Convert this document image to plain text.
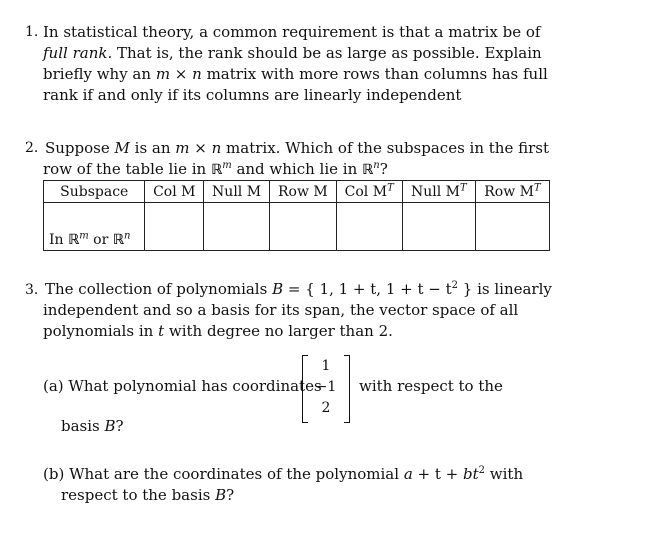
1. In statistical theory, a common requirement is that a matrix be of
full rank. That is, the rank should be as large as possible. Explain
briefly why an m × n matrix with more rows than columns has full
rank if and only if its columns are linearly independent
2. Suppose M is an m × n matrix. Which of the subspaces in the first
row of the table lie in ℝ$^m$ and which lie in ℝ$^n$?
Subspace	Col M	Null M	Row M	Col $M^T$	Null $M^T$	Row $M^T$
In ℝ$^m$ or ℝ$^n$						
3. The collection of polynomials B = { 1, 1 + t, $1 + t - t^2$ } is linearly
independent and so a basis for its span, the vector space of all
polynomials in t with degree no larger than 2.
(a) What polynomial has coordinates
1
−1
2
with respect to the
basis B?
(b) What are the coordinates of the polynomial $a + t + bt^2$ with
respect to the basis B?
